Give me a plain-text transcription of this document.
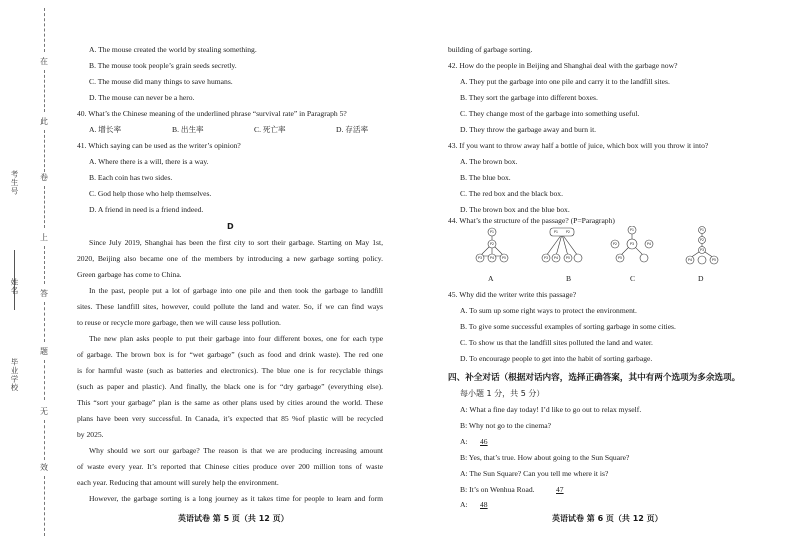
在
此
卷
上
答
题
无
效
考生号
姓名
毕业学校
A. The mouse created the world by stealing something.
B. The mouse took people’s grain seeds secretly.
C. The mouse did many things to save humans.
D. The mouse can never be a hero.
40. What’s the Chinese meaning of the underlined phrase “survival rate” in Paragraph 5?
A. 增长率	B. 出生率	C. 死亡率	D. 存活率
41. Which saying can be used as the writer’s opinion?
A. Where there is a will, there is a way.
B. Each coin has two sides.
C. God help those who help themselves.
D. A friend in need is a friend indeed.
D
Since July 2019, Shanghai has been the first city to sort their garbage. Starting on May 1st,
2020, Beijing also became one of the members by introducing a new garbage sorting policy.
Green garbage has come to China.
In the past, people put a lot of garbage into one pile and then took the garbage to landfill
sites. These landfill sites, however, could pollute the land and water. So, if we can find ways
to reuse or recycle more garbage, then we will cause less pollution.
The new plan asks people to put their garbage into four different boxes, one for each type
of garbage. The brown box is for “wet garbage” (such as food and drink waste). The red one
is for harmful waste (such as batteries and electronics). The blue one is for recyclable things
(such as paper and plastic). And finally, the black one is for “dry garbage” (everything else).
This “sort your garbage” plan is the same as other plans used by cities around the world. These
plans have been very successful. In Canada, it’s expected that 85 %of plastic will be recycled
by 2025.
Why should we sort our garbage? The reason is that we are producing increasing amount
of waste every year. It’s reported that Chinese cities produce over 200 million tons of waste
each year. Reducing that amount will surely help the environment.
However, the garbage sorting is a long journey as it takes time for people to learn and form
英语试卷 第 5 页（共 12 页）
building of garbage sorting.
42. How do the people in Beijing and Shanghai deal with the garbage now?
A. They put the garbage into one pile and carry it to the landfill sites.
B. They sort the garbage into different boxes.
C. They change most of the garbage into something useful.
D. They throw the garbage away and burn it.
43. If you want to throw away half a bottle of juice, which box will you throw it into?
A. The brown box.
B. The blue box.
C. The red box and the black box.
D. The brown box and the blue box.
44. What’s the structure of the passage? (P=Paragraph)
P1
P2
P3 P4 P5
P1 P2
P3 P4 P5
P1
P3
P2	P4
P5
P1
P2
P3
P4	P5
A	B	C	D
45. Why did the writer write this passage?
A. To sum up some right ways to protect the environment.
B. To give some successful examples of sorting garbage in some cities.
C. To show us that the landfill sites polluted the land and water.
D. To encourage people to get into the habit of sorting garbage.
四、补全对话（根据对话内容，选择正确答案，其中有两个选项为多余选项。
每小题 1 分，共 5 分）
A: What a fine day today! I’d like to go out to relax myself.
B: Why not go to the cinema?
A:	46
B: Yes, that’s true. How about going to the Sun Square?
A: The Sun Square? Can you tell me where it is?
B: It’s on Wenhua Road.	47
A:	48
英语试卷 第 6 页（共 12 页）
